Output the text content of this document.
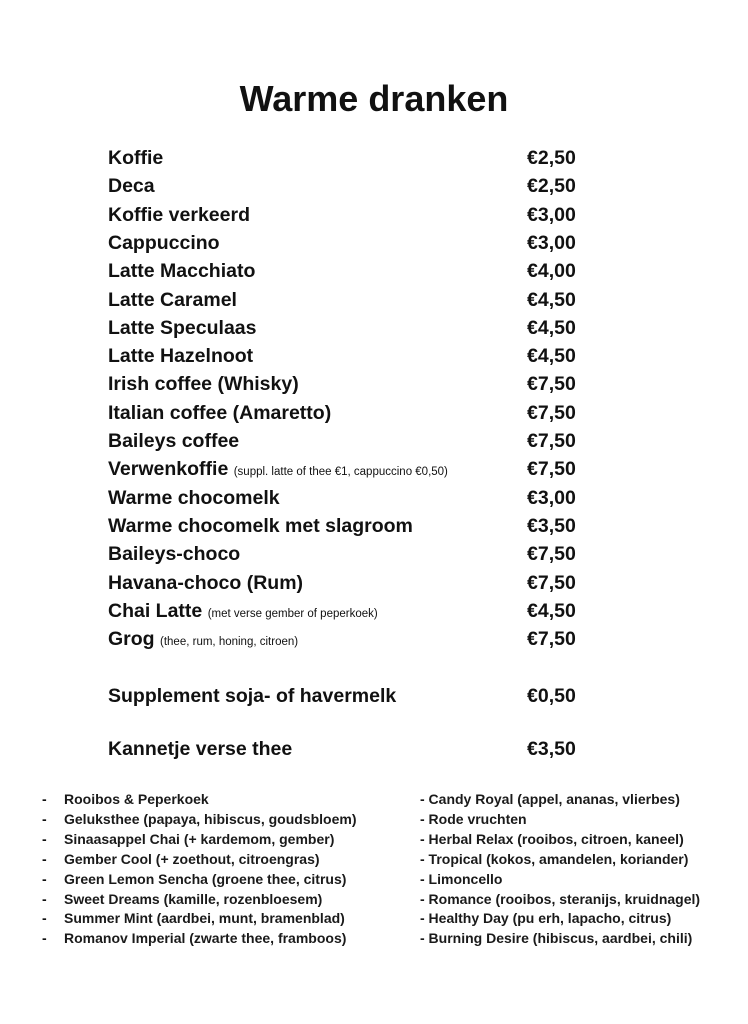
Warme dranken
Koffie	€2,50
Deca	€2,50
Koffie verkeerd	€3,00
Cappuccino	€3,00
Latte Macchiato	€4,00
Latte Caramel	€4,50
Latte Speculaas	€4,50
Latte Hazelnoot	€4,50
Irish coffee (Whisky)	€7,50
Italian coffee (Amaretto)	€7,50
Baileys coffee	€7,50
Verwenkoffie (suppl. latte of thee €1, cappuccino €0,50)	€7,50
Warme chocomelk	€3,00
Warme chocomelk met slagroom	€3,50
Baileys-choco	€7,50
Havana-choco (Rum)	€7,50
Chai Latte (met verse gember of peperkoek)	€4,50
Grog (thee, rum, honing, citroen)	€7,50
Supplement soja- of havermelk	€0,50
Kannetje verse thee	€3,50
- Rooibos & Peperkoek
- Geluksthee (papaya, hibiscus, goudsbloem)
- Sinaasappel Chai (+ kardemom, gember)
- Gember Cool (+ zoethout, citroengras)
- Green Lemon Sencha (groene thee, citrus)
- Sweet Dreams (kamille, rozenbloesem)
- Summer Mint (aardbei, munt, bramenblad)
- Romanov Imperial (zwarte thee, framboos)
- Candy Royal (appel, ananas, vlierbes)
- Rode vruchten
- Herbal Relax (rooibos, citroen, kaneel)
- Tropical (kokos, amandelen, koriander)
- Limoncello
- Romance (rooibos, steranijs, kruidnagel)
- Healthy Day (pu erh, lapacho, citrus)
- Burning Desire (hibiscus, aardbei, chili)
